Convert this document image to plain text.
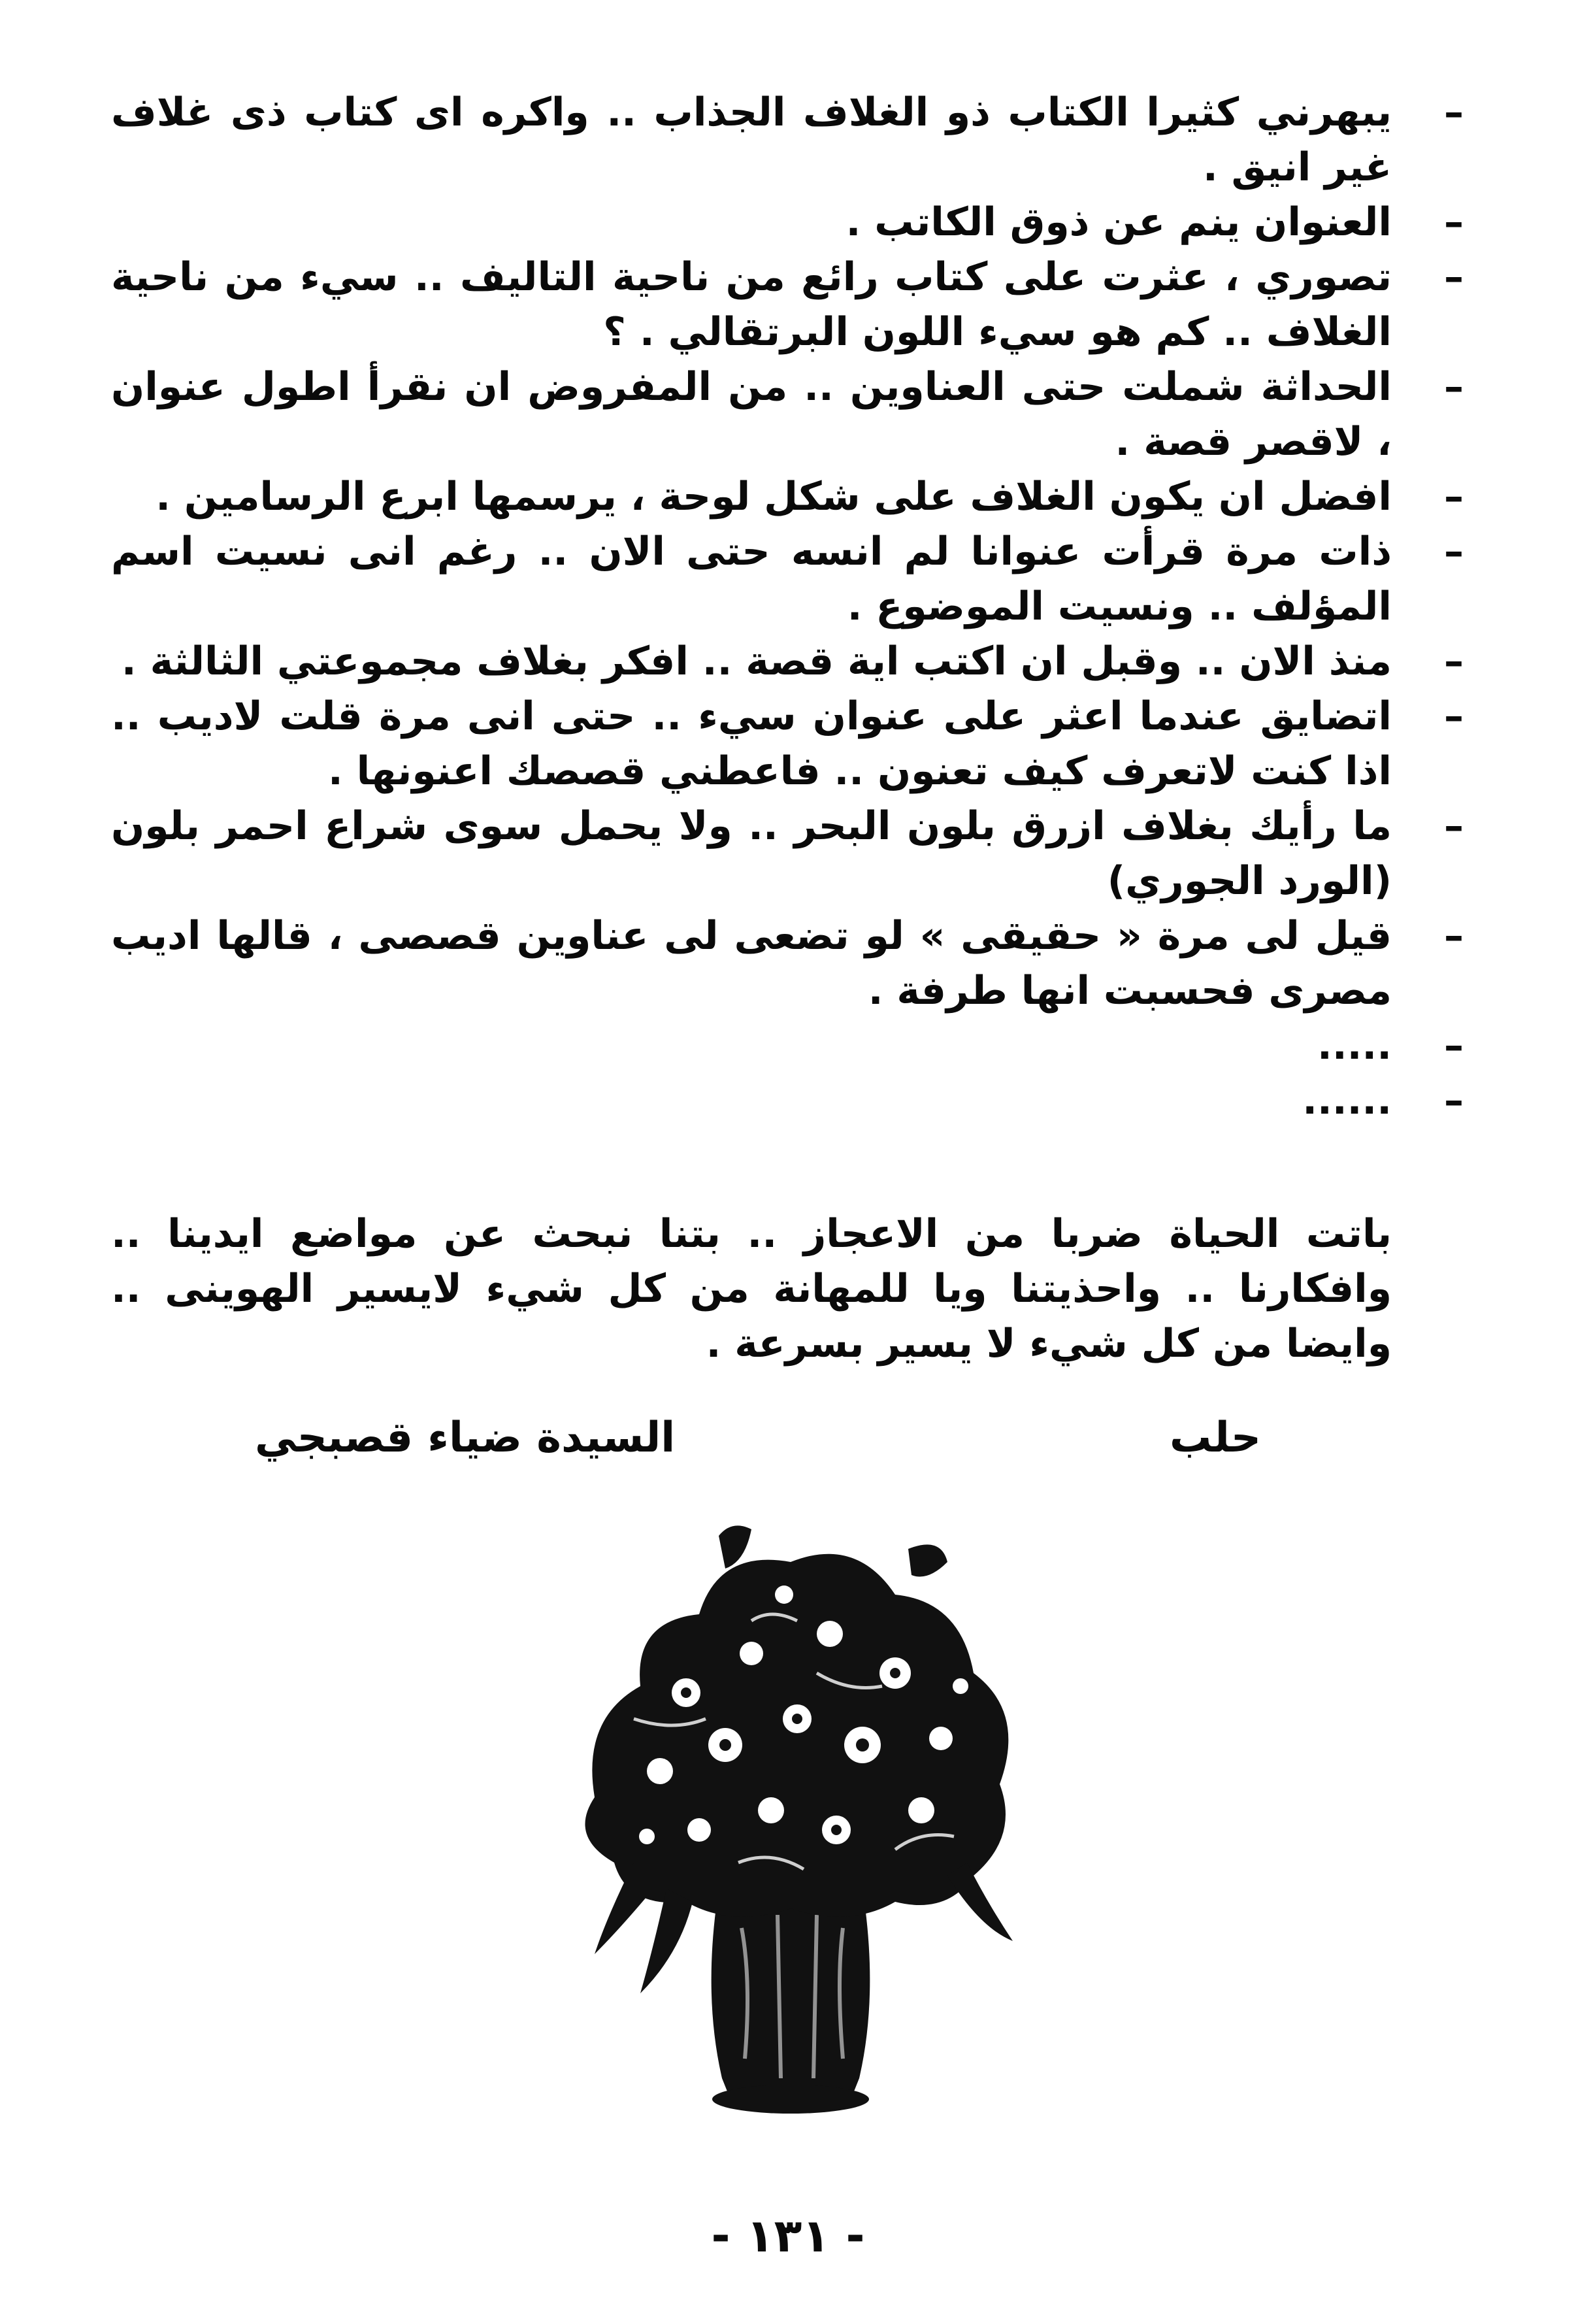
–
يبهرني كثيرا الكتاب ذو الغلاف الجذاب .. واكره اى كتاب ذى غلاف غير انيق .
–
العنوان ينم عن ذوق الكاتب .
–
تصوري ، عثرت على كتاب رائع من ناحية التاليف .. سيء من ناحية الغلاف .. كم هو سيء اللون البرتقالي . ؟
–
الحداثة شملت حتى العناوين .. من المفروض ان نقرأ اطول عنوان ، لاقصر قصة .
–
افضل ان يكون الغلاف على شكل لوحة ، يرسمها ابرع الرسامين .
–
ذات مرة قرأت عنوانا لم انسه حتى الان .. رغم انى نسيت اسم المؤلف .. ونسيت الموضوع .
–
منذ الان .. وقبل ان اكتب اية قصة .. افكر بغلاف مجموعتي الثالثة .
–
اتضايق عندما اعثر على عنوان سيء .. حتى انى مرة قلت لاديب .. اذا كنت لاتعرف كيف تعنون .. فاعطني قصصك اعنونها .
–
ما رأيك بغلاف ازرق بلون البحر .. ولا يحمل سوى شراع احمر بلون (الورد الجوري)
–
قيل لى مرة « حقيقى » لو تضعى لى عناوين قصصى ، قالها اديب مصرى فحسبت انها طرفة .
–
.....
–
......

باتت الحياة ضربا من الاعجاز .. بتنا نبحث عن مواضع ايدينا .. وافكارنا .. واحذيتنا ويا للمهانة من كل شيء لايسير الهوينى .. وايضا من كل شيء لا يسير بسرعة .

حلب
السيدة ضياء قصبجي
- ١٣١ -
